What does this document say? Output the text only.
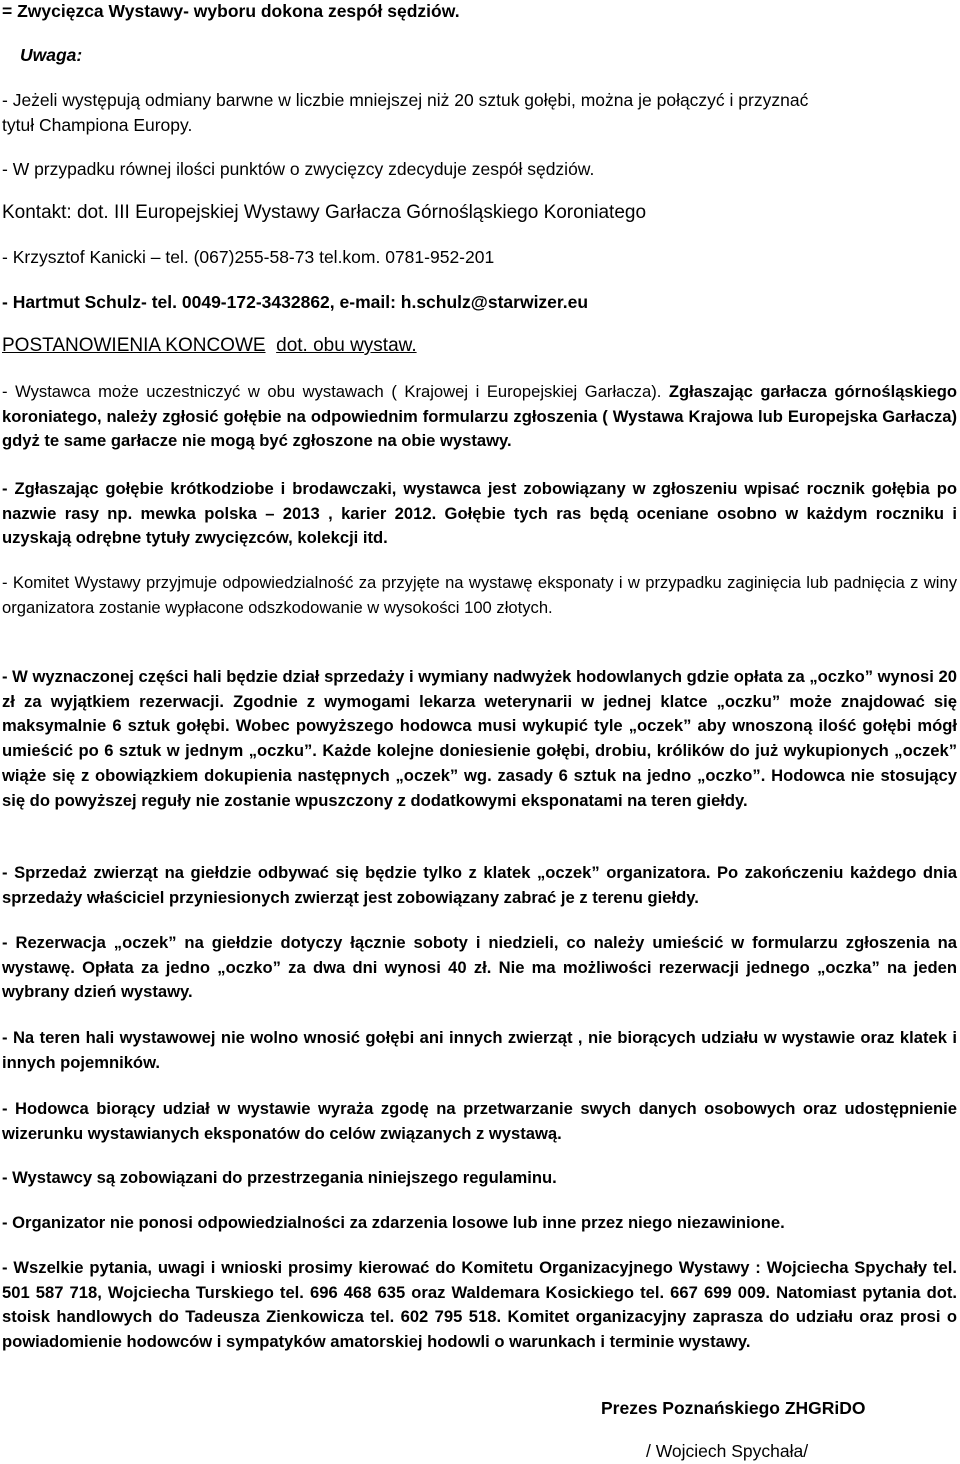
= Zwycięzca Wystawy- wyboru dokona zespół sędziów.
Uwaga:
- Jeżeli występują odmiany barwne w liczbie mniejszej niż 20 sztuk gołębi, można je połączyć i przyznać
tytuł Championa Europy.
- W przypadku równej ilości punktów o zwycięzcy zdecyduje zespół sędziów.
Kontakt: dot. III Europejskiej Wystawy Garłacza Górnośląskiego Koroniatego
- Krzysztof Kanicki – tel. (067)255-58-73 tel.kom. 0781-952-201
- Hartmut Schulz- tel. 0049-172-3432862, e-mail: h.schulz@starwizer.eu
POSTANOWIENIA KONCOWE dot. obu wystaw.
- Wystawca może uczestniczyć w obu wystawach ( Krajowej i Europejskiej Garłacza). Zgłaszając garłacza górnośląskiego koroniatego, należy zgłosić gołębie na odpowiednim formularzu zgłoszenia ( Wystawa Krajowa lub Europejska Garłacza) gdyż te same garłacze nie mogą być zgłoszone na obie wystawy.
- Zgłaszając gołębie krótkodziobe i brodawczaki, wystawca jest zobowiązany w zgłoszeniu wpisać rocznik gołębia po nazwie rasy np. mewka polska – 2013 , karier 2012. Gołębie tych ras będą oceniane osobno w każdym roczniku i uzyskają odrębne tytuły zwycięzców, kolekcji itd.
- Komitet Wystawy przyjmuje odpowiedzialność za przyjęte na wystawę eksponaty i w przypadku zaginięcia lub padnięcia z winy organizatora zostanie wypłacone odszkodowanie w wysokości 100 złotych.
- W wyznaczonej części hali będzie dział sprzedaży i wymiany nadwyżek hodowlanych gdzie opłata za „oczko” wynosi 20 zł za wyjątkiem rezerwacji. Zgodnie z wymogami lekarza weterynarii w jednej klatce „oczku” może znajdować się maksymalnie 6 sztuk gołębi. Wobec powyższego hodowca musi wykupić tyle „oczek” aby wnoszoną ilość gołębi mógł umieścić po 6 sztuk w jednym „oczku”. Każde kolejne doniesienie gołębi, drobiu, królików do już wykupionych „oczek” wiąże się z obowiązkiem dokupienia następnych „oczek” wg. zasady 6 sztuk na jedno „oczko”. Hodowca nie stosujący się do powyższej reguły nie zostanie wpuszczony z dodatkowymi eksponatami na teren giełdy.
- Sprzedaż zwierząt na giełdzie odbywać się będzie tylko z klatek „oczek” organizatora. Po zakończeniu każdego dnia sprzedaży właściciel przyniesionych zwierząt jest zobowiązany zabrać je z terenu giełdy.
- Rezerwacja „oczek” na giełdzie dotyczy łącznie soboty i niedzieli, co należy umieścić w formularzu zgłoszenia na wystawę. Opłata za jedno „oczko” za dwa dni wynosi 40 zł. Nie ma możliwości rezerwacji jednego „oczka” na jeden wybrany dzień wystawy.
- Na teren hali wystawowej nie wolno wnosić gołębi ani innych zwierząt , nie biorących udziału w wystawie oraz klatek i innych pojemników.
- Hodowca biorący udział w wystawie wyraża zgodę na przetwarzanie swych danych osobowych oraz udostępnienie wizerunku wystawianych eksponatów do celów związanych z wystawą.
- Wystawcy są zobowiązani do przestrzegania niniejszego regulaminu.
- Organizator nie ponosi odpowiedzialności za zdarzenia losowe lub inne przez niego niezawinione.
- Wszelkie pytania, uwagi i wnioski prosimy kierować do Komitetu Organizacyjnego Wystawy : Wojciecha Spychały tel. 501 587 718, Wojciecha Turskiego tel. 696 468 635 oraz Waldemara Kosickiego tel. 667 699 009. Natomiast pytania dot. stoisk handlowych do Tadeusza Zienkowicza tel. 602 795 518. Komitet organizacyjny zaprasza do udziału oraz prosi o powiadomienie hodowców i sympatyków amatorskiej hodowli o warunkach i terminie wystawy.
Prezes Poznańskiego ZHGRiDO
/ Wojciech Spychała/
